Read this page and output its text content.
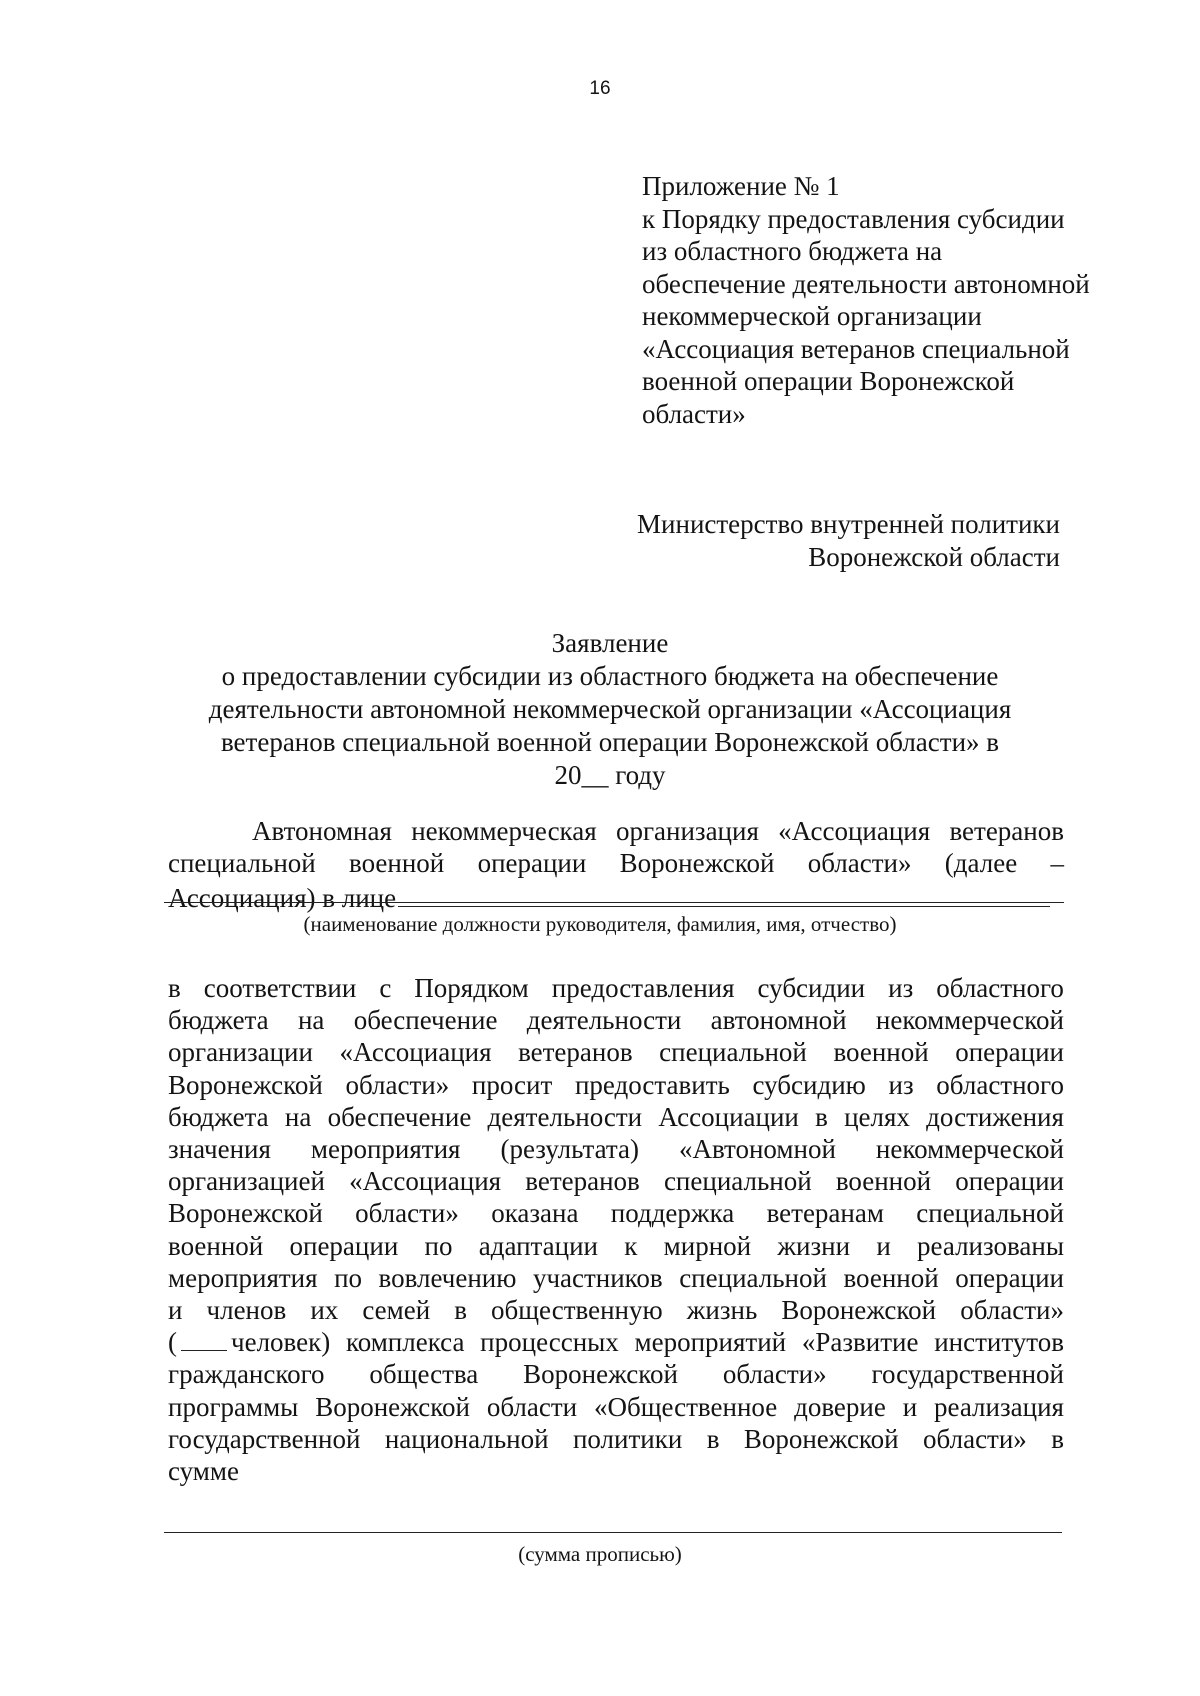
16
Приложение № 1
к Порядку предоставления субсидии
из областного бюджета на
обеспечение деятельности автономной
некоммерческой организации
«Ассоциация ветеранов специальной
военной операции Воронежской
области»
Министерство внутренней политики
Воронежской области
Заявление
о предоставлении субсидии из областного бюджета на обеспечение
деятельности автономной некоммерческой организации «Ассоциация
ветеранов специальной военной операции Воронежской области» в
20__ году
Автономная некоммерческая организация «Ассоциация ветеранов
специальной военной операции Воронежской области» (далее –
Ассоциация) в лице
(наименование должности руководителя, фамилия, имя, отчество)
в соответствии с Порядком предоставления субсидии из областного
бюджета на обеспечение деятельности автономной некоммерческой
организации «Ассоциация ветеранов специальной военной операции
Воронежской области» просит предоставить субсидию из областного
бюджета на обеспечение деятельности Ассоциации в целях достижения
значения мероприятия (результата) «Автономной некоммерческой
организацией «Ассоциация ветеранов специальной военной операции
Воронежской области» оказана поддержка ветеранам специальной
военной операции по адаптации к мирной жизни и реализованы
мероприятия по вовлечению участников специальной военной операции
и членов их семей в общественную жизнь Воронежской области»
( человек) комплекса процессных мероприятий «Развитие институтов
гражданского общества Воронежской области» государственной
программы Воронежской области «Общественное доверие и реализация
государственной национальной политики в Воронежской области» в
сумме
(сумма прописью)
